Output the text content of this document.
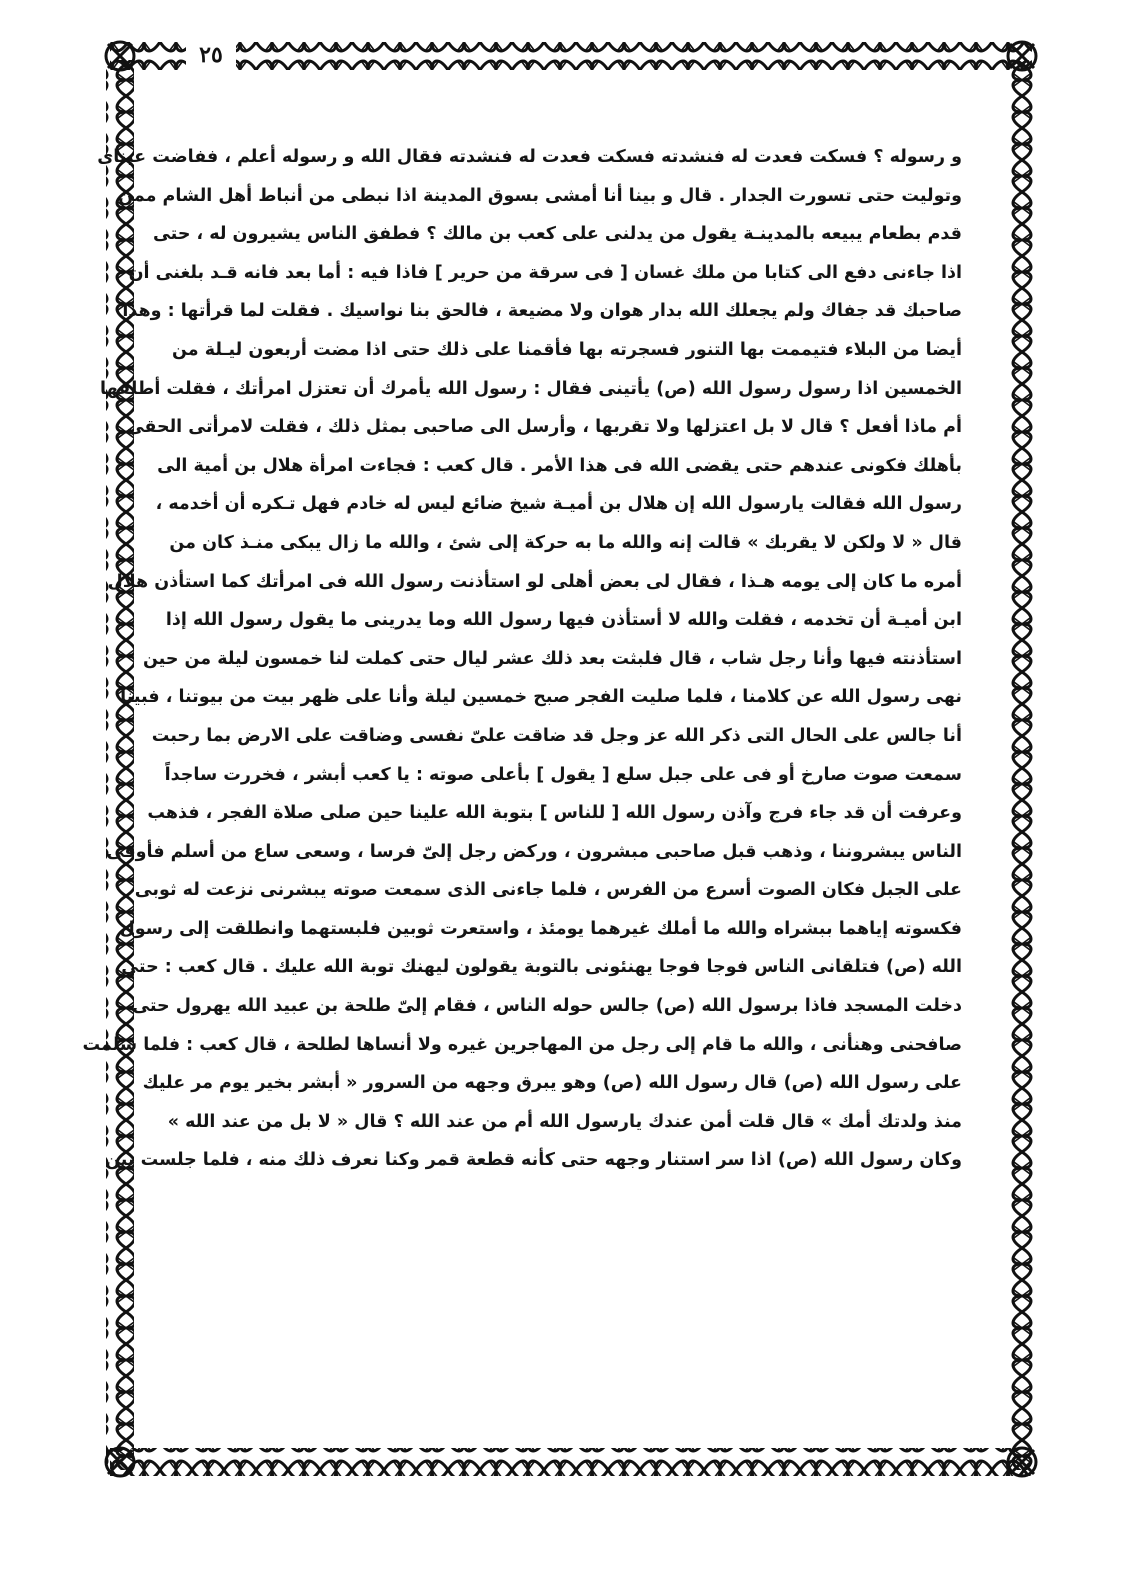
٢٥
و رسوله ؟ فسكت فعدت له فنشدته فسكت فعدت له فنشدته فقال الله و رسوله أعلم ، ففاضت عيناى
وتوليت حتى تسورت الجدار . قال و بينا أنا أمشى بسوق المدينة اذا نبطى من أنباط أهل الشام ممن
قدم بطعام يبيعه بالمدينـة يقول من يدلنى على كعب بن مالك ؟ فطفق الناس يشيرون له ، حتى
اذا جاءنى دفع الى كتابا من ملك غسان [ فى سرقة من حرير ] فاذا فيه : أما بعد فانه قـد بلغنى أن
صاحبك قد جفاك ولم يجعلك الله بدار هوان ولا مضيعة ، فالحق بنا نواسيك . فقلت لما قرأتها : وهذا
أيضا من البلاء فتيممت بها التنور فسجرته بها فأقمنا على ذلك حتى اذا مضت أربعون ليـلة من
الخمسين اذا رسول رسول الله (ص) يأتينى فقال : رسول الله يأمرك أن تعتزل امرأتك ، فقلت أطلقها
أم ماذا أفعل ؟ قال لا بل اعتزلها ولا تقربها ، وأرسل الى صاحبى بمثل ذلك ، فقلت لامرأتى الحقى
بأهلك فكونى عندهم حتى يقضى الله فى هذا الأمر . قال كعب : فجاءت امرأة هلال بن أمية الى
رسول الله فقالت يارسول الله إن هلال بن أميـة شيخ ضائع ليس له خادم فهل تـكره أن أخدمه ،
قال « لا ولكن لا يقربك » قالت إنه والله ما به حركة إلى شئ ، والله ما زال يبكى منـذ كان من
أمره ما كان إلى يومه هـذا ، فقال لى بعض أهلى لو استأذنت رسول الله فى امرأتك كما استأذن هلال
ابن أميـة أن تخدمه ، فقلت والله لا أستأذن فيها رسول الله وما يدرينى ما يقول رسول الله إذا
استأذنته فيها وأنا رجل شاب ، قال فلبثت بعد ذلك عشر ليال حتى كملت لنا خمسون ليلة من حين
نهى رسول الله عن كلامنا ، فلما صليت الفجر صبح خمسين ليلة وأنا على ظهر بيت من بيوتنا ، فبينا
أنا جالس على الحال التى ذكر الله عز وجل قد ضاقت علىّ نفسى وضاقت على الارض بما رحبت
سمعت صوت صارخ أو فى على جبل سلع [ يقول ] بأعلى صوته : يا كعب أبشر ، فخررت ساجداً
وعرفت أن قد جاء فرج وآذن رسول الله [ للناس ] بتوبة الله علينا حين صلى صلاة الفجر ، فذهب
الناس يبشروننا ، وذهب قبل صاحبى مبشرون ، وركض رجل إلىّ فرسا ، وسعى ساع من أسلم فأوفى
على الجبل فكان الصوت أسرع من الفرس ، فلما جاءنى الذى سمعت صوته يبشرنى نزعت له ثوبى
فكسوته إياهما ببشراه والله ما أملك غيرهما يومئذ ، واستعرت ثوبين فلبستهما وانطلقت إلى رسول
الله (ص) فتلقانى الناس فوجا فوجا يهنئونى بالتوبة يقولون ليهنك توبة الله عليك . قال كعب : حتى
دخلت المسجد فاذا برسول الله (ص) جالس حوله الناس ، فقام إلىّ طلحة بن عبيد الله يهرول حتى
صافحنى وهنأنى ، والله ما قام إلى رجل من المهاجرين غيره ولا أنساها لطلحة ، قال كعب : فلما سلمت
على رسول الله (ص) قال رسول الله (ص) وهو يبرق وجهه من السرور « أبشر بخير يوم مر عليك
منذ ولدتك أمك » قال قلت أمن عندك يارسول الله أم من عند الله ؟ قال « لا بل من عند الله »
وكان رسول الله (ص) اذا سر استنار وجهه حتى كأنه قطعة قمر وكنا نعرف ذلك منه ، فلما جلست بين
